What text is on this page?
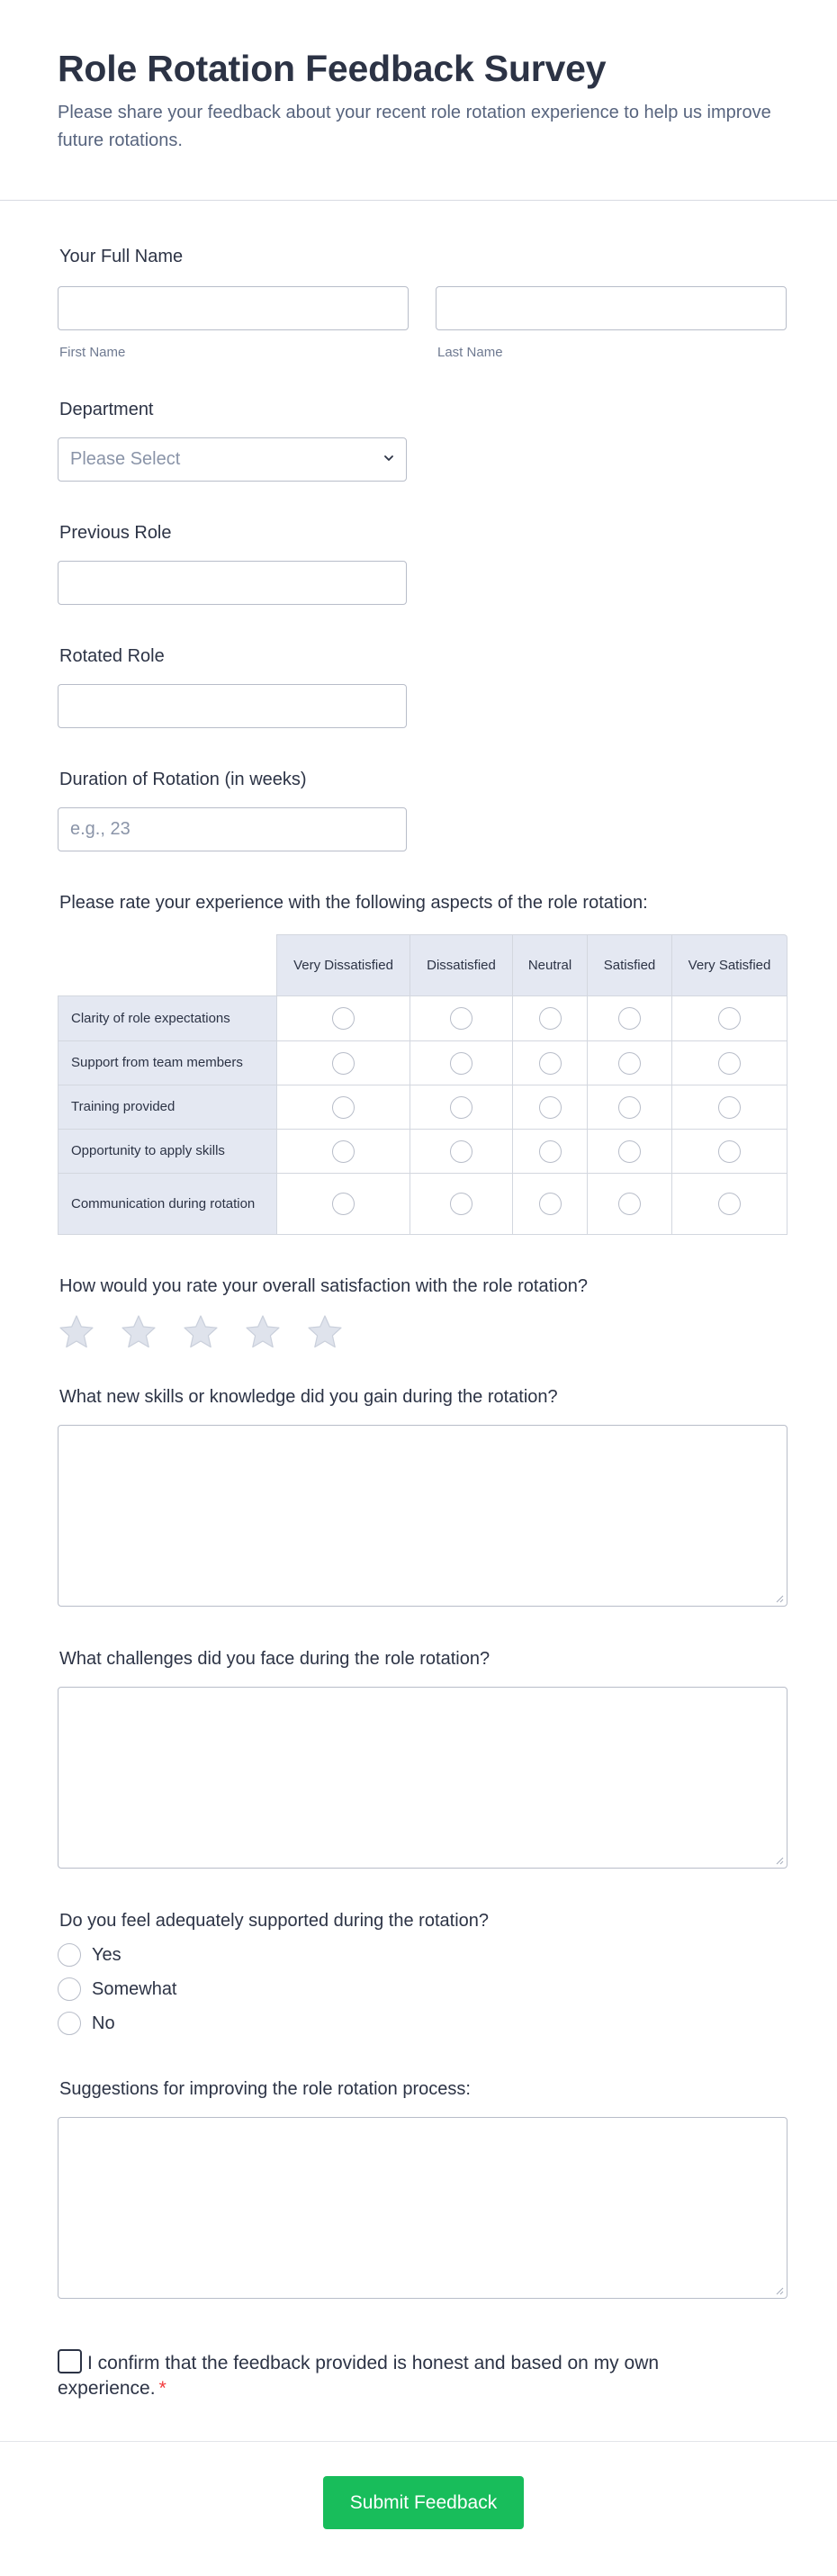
Role Rotation Feedback Survey

Please share your feedback about your recent role rotation experience to help us improve future rotations.

Your Full Name
First Name	Last Name
Department
Please Select
Previous Role
Rotated Role
Duration of Rotation (in weeks)
e.g., 23
Please rate your experience with the following aspects of the role rotation:
	Very Dissatisfied	Dissatisfied	Neutral	Satisfied	Very Satisfied
Clarity of role expectations					
Support from team members					
Training provided					
Opportunity to apply skills					
Communication during rotation					
How would you rate your overall satisfaction with the role rotation?
What new skills or knowledge did you gain during the rotation?
What challenges did you face during the role rotation?
Do you feel adequately supported during the rotation?
Yes
Somewhat
No
Suggestions for improving the role rotation process:
I confirm that the feedback provided is honest and based on my own experience. *
Submit Feedback
